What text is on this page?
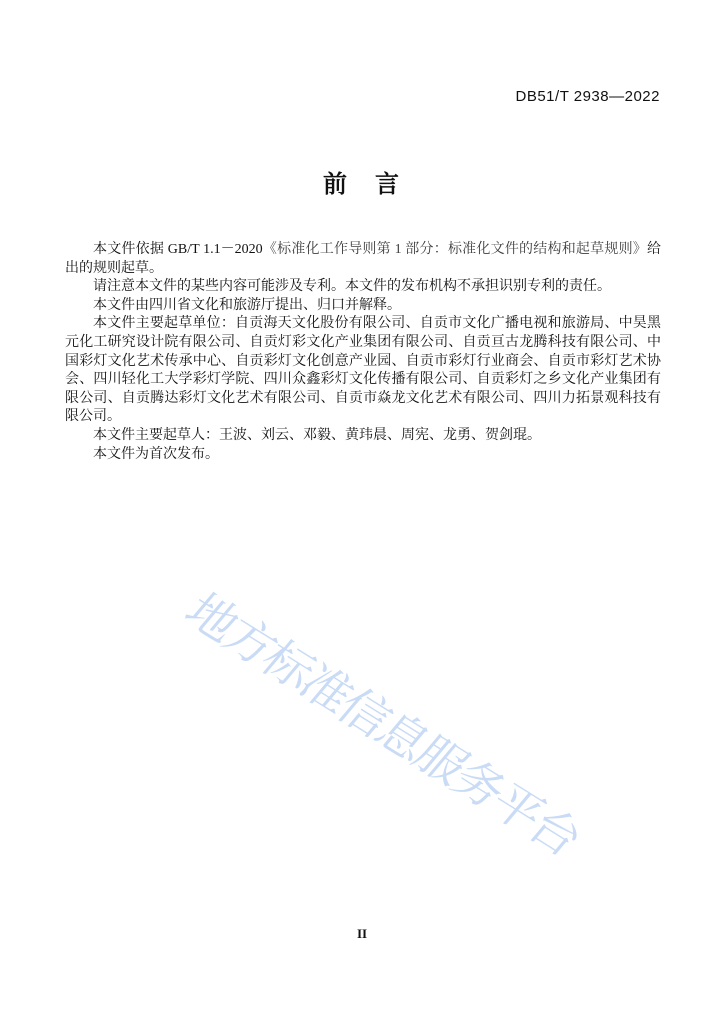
地方标准信息服务平台
DB51/T 2938—2022
前　言

本文件依据 GB/T 1.1－2020《标准化工作导则第 1 部分：标准化文件的结构和起草规则》给出的规则起草。

请注意本文件的某些内容可能涉及专利。本文件的发布机构不承担识别专利的责任。

本文件由四川省文化和旅游厅提出、归口并解释。

本文件主要起草单位：自贡海天文化股份有限公司、自贡市文化广播电视和旅游局、中昊黑元化工研究设计院有限公司、自贡灯彩文化产业集团有限公司、自贡亘古龙腾科技有限公司、中国彩灯文化艺术传承中心、自贡彩灯文化创意产业园、自贡市彩灯行业商会、自贡市彩灯艺术协会、四川轻化工大学彩灯学院、四川众鑫彩灯文化传播有限公司、自贡彩灯之乡文化产业集团有限公司、自贡腾达彩灯文化艺术有限公司、自贡市焱龙文化艺术有限公司、四川力拓景观科技有限公司。

本文件主要起草人：王波、刘云、邓毅、黄玮晨、周宪、龙勇、贺剑琨。

本文件为首次发布。

II
